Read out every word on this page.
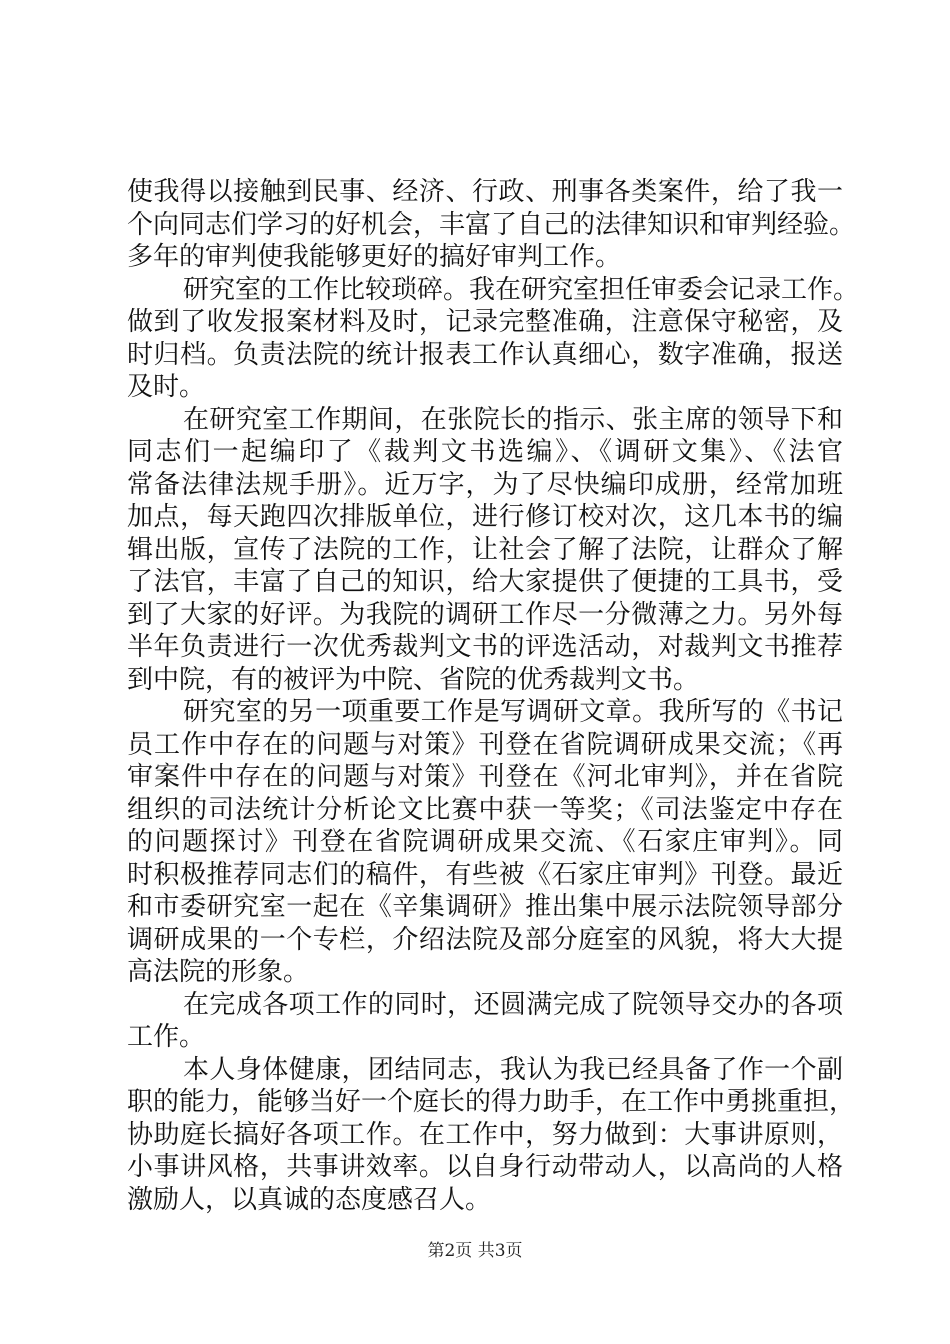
使我得以接触到民事、经济、行政、刑事各类案件，给了我一
个向同志们学习的好机会，丰富了自己的法律知识和审判经验。
多年的审判使我能够更好的搞好审判工作。
研究室的工作比较琐碎。我在研究室担任审委会记录工作。
做到了收发报案材料及时，记录完整准确，注意保守秘密，及
时归档。负责法院的统计报表工作认真细心，数字准确，报送
及时。
在研究室工作期间，在张院长的指示、张主席的领导下和
同志们一起编印了《裁判文书选编》、《调研文集》、《法官
常备法律法规手册》。近万字，为了尽快编印成册，经常加班
加点，每天跑四次排版单位，进行修订校对次，这几本书的编
辑出版，宣传了法院的工作，让社会了解了法院，让群众了解
了法官，丰富了自己的知识，给大家提供了便捷的工具书，受
到了大家的好评。为我院的调研工作尽一分微薄之力。另外每
半年负责进行一次优秀裁判文书的评选活动，对裁判文书推荐
到中院，有的被评为中院、省院的优秀裁判文书。
研究室的另一项重要工作是写调研文章。我所写的《书记
员工作中存在的问题与对策》刊登在省院调研成果交流；《再
审案件中存在的问题与对策》刊登在《河北审判》，并在省院
组织的司法统计分析论文比赛中获一等奖；《司法鉴定中存在
的问题探讨》刊登在省院调研成果交流、《石家庄审判》。同
时积极推荐同志们的稿件，有些被《石家庄审判》刊登。最近
和市委研究室一起在《辛集调研》推出集中展示法院领导部分
调研成果的一个专栏，介绍法院及部分庭室的风貌，将大大提
高法院的形象。
在完成各项工作的同时，还圆满完成了院领导交办的各项
工作。
本人身体健康，团结同志，我认为我已经具备了作一个副
职的能力，能够当好一个庭长的得力助手，在工作中勇挑重担，
协助庭长搞好各项工作。在工作中，努力做到：大事讲原则，
小事讲风格，共事讲效率。以自身行动带动人，以高尚的人格
激励人，以真诚的态度感召人。
第2页 共3页
